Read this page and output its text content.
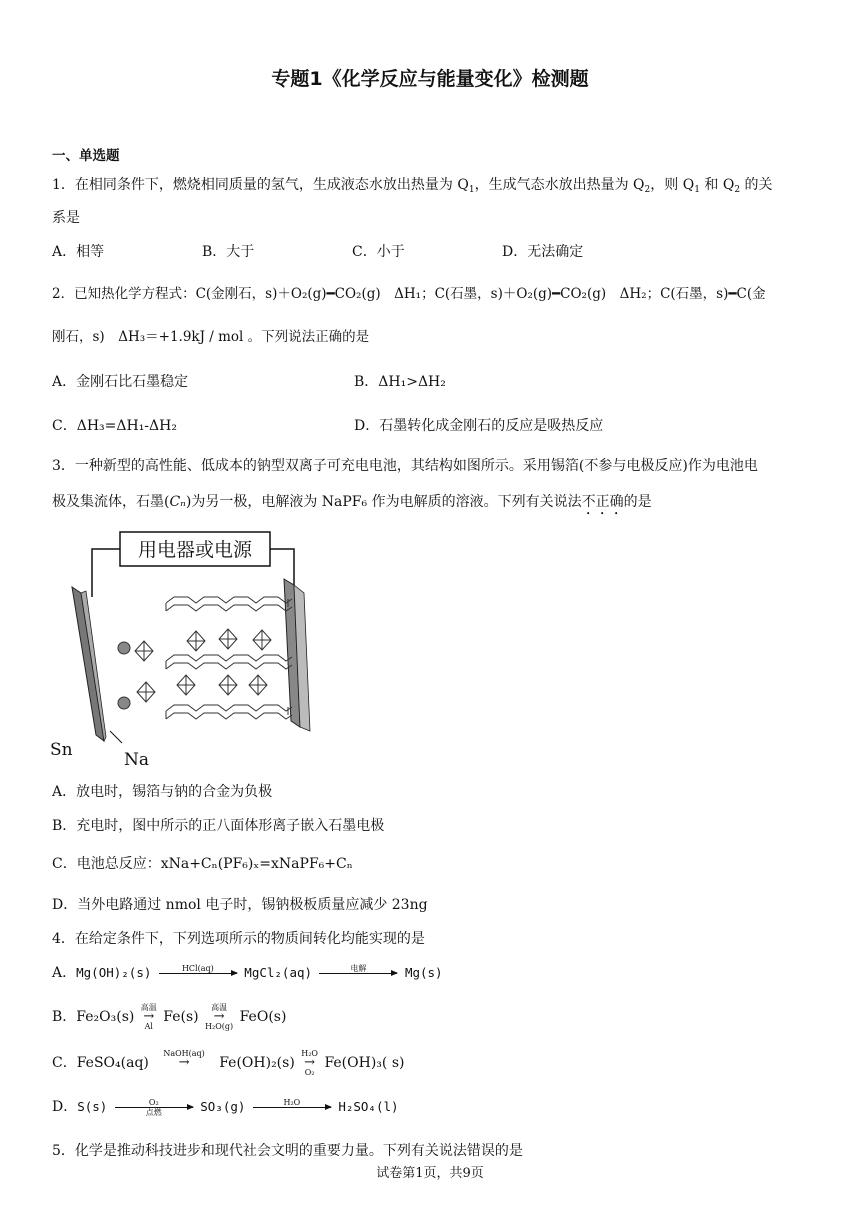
专题1《化学反应与能量变化》检测题
一、单选题
1．在相同条件下，燃烧相同质量的氢气，生成液态水放出热量为 $Q_1$，生成气态水放出热量为 $Q_2$，则 $Q_1$ 和 $Q_2$ 的关
系是
A．相等	B．大于	C．小于	D．无法确定
2．已知热化学方程式：C(金刚石，s)＋O₂(g)━CO₂(g)　ΔH₁；C(石墨，s)＋O₂(g)━CO₂(g)　ΔH₂；C(石墨，s)━C(金
刚石，s)　ΔH₃＝+1.9kJ / mol 。下列说法正确的是
A．金刚石比石墨稳定	B．ΔH₁>ΔH₂
C．ΔH₃=ΔH₁-ΔH₂	D．石墨转化成金刚石的反应是吸热反应
3．一种新型的高性能、低成本的钠型双离子可充电电池，其结构如图所示。采用锡箔(不参与电极反应)作为电池电
极及集流体，石墨(Cₙ)为另一极，电解液为 NaPF₆ 作为电解质的溶液。下列有关说法不正确的是
用电器或电源
Sn	Na
A．放电时，锡箔与钠的合金为负极
B．充电时，图中所示的正八面体形离子嵌入石墨电极
C．电池总反应：xNa+Cₙ(PF₆)ₓ=xNaPF₆+Cₙ
D．当外电路通过 nmol 电子时，锡钠极板质量应减少 23ng
4．在给定条件下，下列选项所示的物质间转化均能实现的是
A．Mg(OH)₂(s)	HCl(aq) MgCl₂(aq)	电解	Mg(s)
B．Fe₂O₃(s)
高温
→
Al
Fe(s)
高温
→
H₂O(g)
FeO(s)
C．FeSO₄(aq)
NaOH(aq)
→
Fe(OH)₂(s)
H₂O
→
O₂
Fe(OH)₃( s)
D．S(s)	O₂
点燃	SO₃(g)	H₂O	H₂SO₄(l)
5．化学是推动科技进步和现代社会文明的重要力量。下列有关说法错误的是
试卷第1页，共9页
